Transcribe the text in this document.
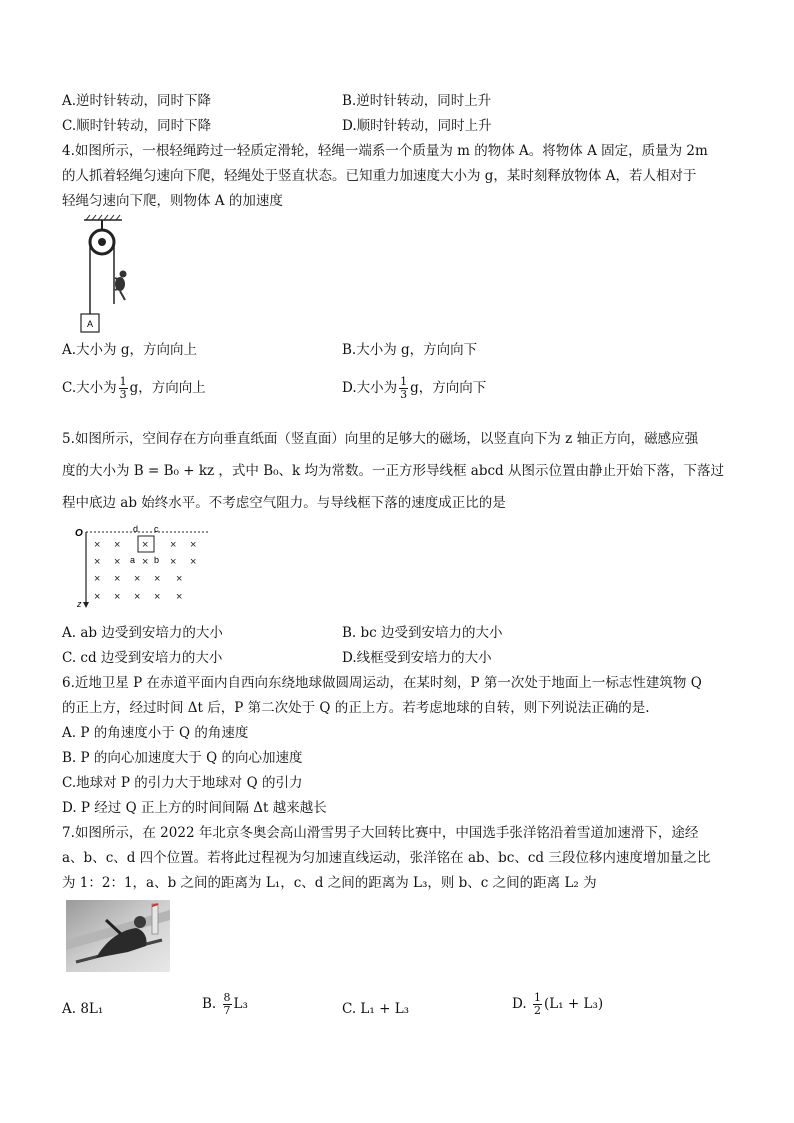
A.逆时针转动，同时下降	B.逆时针转动，同时上升
C.顺时针转动，同时下降	D.顺时针转动，同时上升
4.如图所示，一根轻绳跨过一轻质定滑轮，轻绳一端系一个质量为 m 的物体 A。将物体 A 固定，质量为 2m
的人抓着轻绳匀速向下爬，轻绳处于竖直状态。已知重力加速度大小为 g，某时刻释放物体 A，若人相对于
轻绳匀速向下爬，则物体 A 的加速度
A
A.大小为 g，方向向上	B.大小为 g，方向向下
C.大小为 $\frac{1}{3}$ g，方向向上	D.大小为 $\frac{1}{3}$ g，方向向下
5.如图所示，空间存在方向垂直纸面（竖直面）向里的足够大的磁场，以竖直向下为 z 轴正方向，磁感应强
度的大小为 B = B₀ + kz ，式中 B₀、k 均为常数。一正方形导线框 abcd 从图示位置由静止开始下落，下落过
程中底边 ab 始终水平。不考虑空气阻力。与导线框下落的速度成正比的是
O
z
d c
a b
× × × × ×
× × × × ×
× × × × ×
× × × × ×
A. ab 边受到安培力的大小	B. bc 边受到安培力的大小
C. cd 边受到安培力的大小	D.线框受到安培力的大小
6.近地卫星 P 在赤道平面内自西向东绕地球做圆周运动，在某时刻，P 第一次处于地面上一标志性建筑物 Q
的正上方，经过时间 Δt 后，P 第二次处于 Q 的正上方。若考虑地球的自转，则下列说法正确的是.
A. P 的角速度小于 Q 的角速度
B. P 的向心加速度大于 Q 的向心加速度
C.地球对 P 的引力大于地球对 Q 的引力
D. P 经过 Q 正上方的时间间隔 Δt 越来越长
7.如图所示，在 2022 年北京冬奥会高山滑雪男子大回转比赛中，中国选手张洋铭沿着雪道加速滑下，途经
a、b、c、d 四个位置。若将此过程视为匀加速直线运动，张洋铭在 ab、bc、cd 三段位移内速度增加量之比
为 1：2：1，a、b 之间的距离为 L₁，c、d 之间的距离为 L₃，则 b、c 之间的距离 L₂ 为
A. 8L₁	B. $\frac{8}{7} L_3$	C. L₁ + L₃	D. $\frac{1}{2} (L_1 + L_3)$
